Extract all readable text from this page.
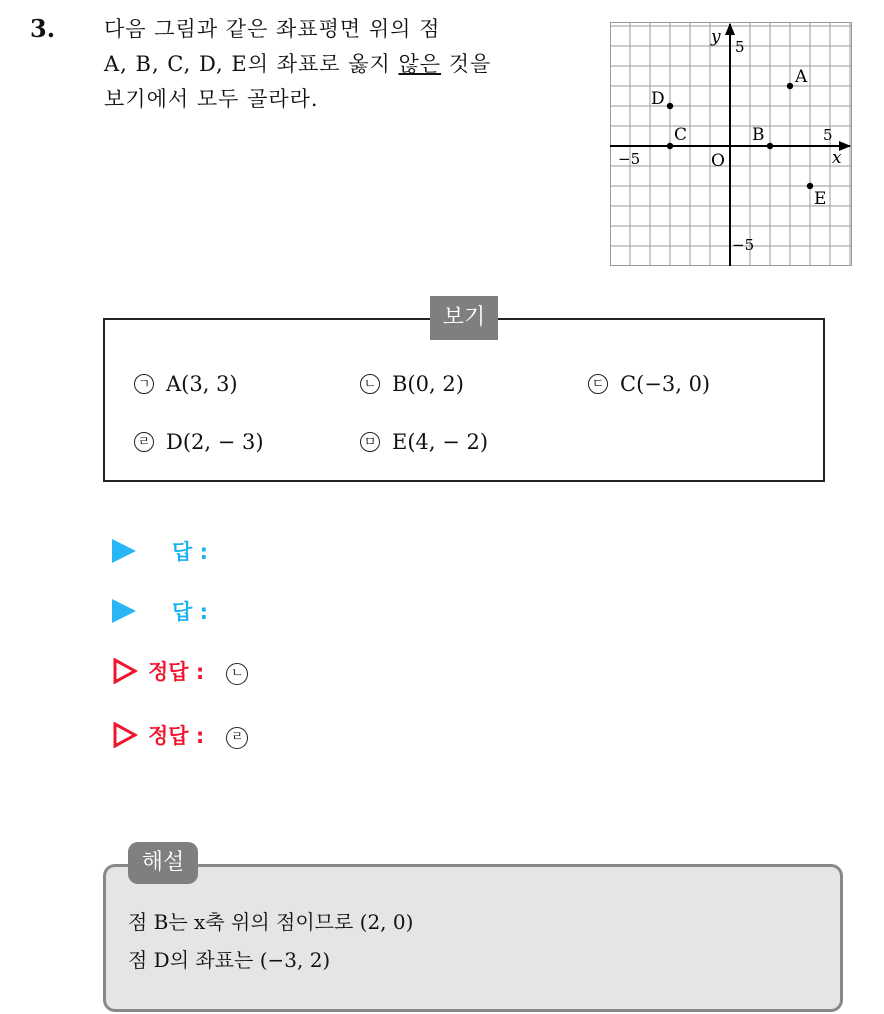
3. 다음 그림과 같은 좌표평면 위의 점
A, B, C, D, E의 좌표로 옳지 않은 것을
보기에서 모두 골라라.
O	x
y
5
−5
5
−5
A
B
C
D
E
보기
ㄱ A(3, 3)	ㄴ B(0, 2)	ㄷ C(−3, 0)
ㄹ D(2, − 3)	ㅁ E(4, − 2)
답 :
답 :
정답 :	ㄴ
정답 :	ㄹ
해설
점 B는 x축 위의 점이므로 (2, 0)
점 D의 좌표는 (−3, 2)
